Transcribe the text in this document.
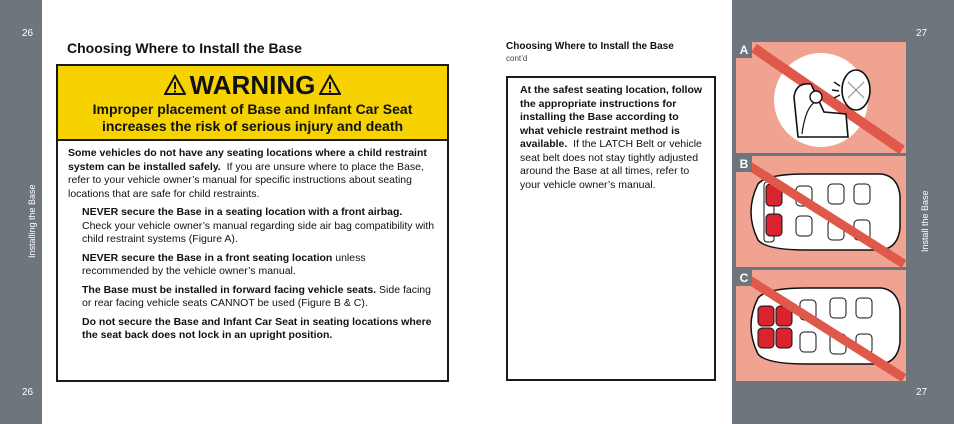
26
Installing the Base
26
Choosing Where to Install the Base
WARNING
Improper placement of Base and Infant Car Seat
increases the risk of serious injury and death

Some vehicles do not have any seating locations where a child restraint system can be installed safely. If you are unsure where to place the Base, refer to your vehicle owner’s manual for specific instructions about seating locations that are safe for child restraints.

NEVER secure the Base in a seating location with a front airbag.  Check your vehicle owner’s manual regarding side air bag compatibility with child restraint systems (Figure A).

NEVER secure the Base in a front seating location unless recommended by the vehicle owner’s manual.

The Base must be installed in forward facing vehicle seats. Side facing or rear facing vehicle seats CANNOT be used (Figure B & C).

Do not secure the Base and Infant Car Seat in seating locations where the seat back does not lock in an upright position.

Choosing Where to Install the Base
cont’d
At the safest seating location, follow the appropriate instructions for installing the Base according to what vehicle restraint method is available. If the LATCH Belt or vehicle seat belt does not stay tightly adjusted around the Base at all times, refer to your vehicle owner’s manual.
27
Install the Base
27
A
B
C
